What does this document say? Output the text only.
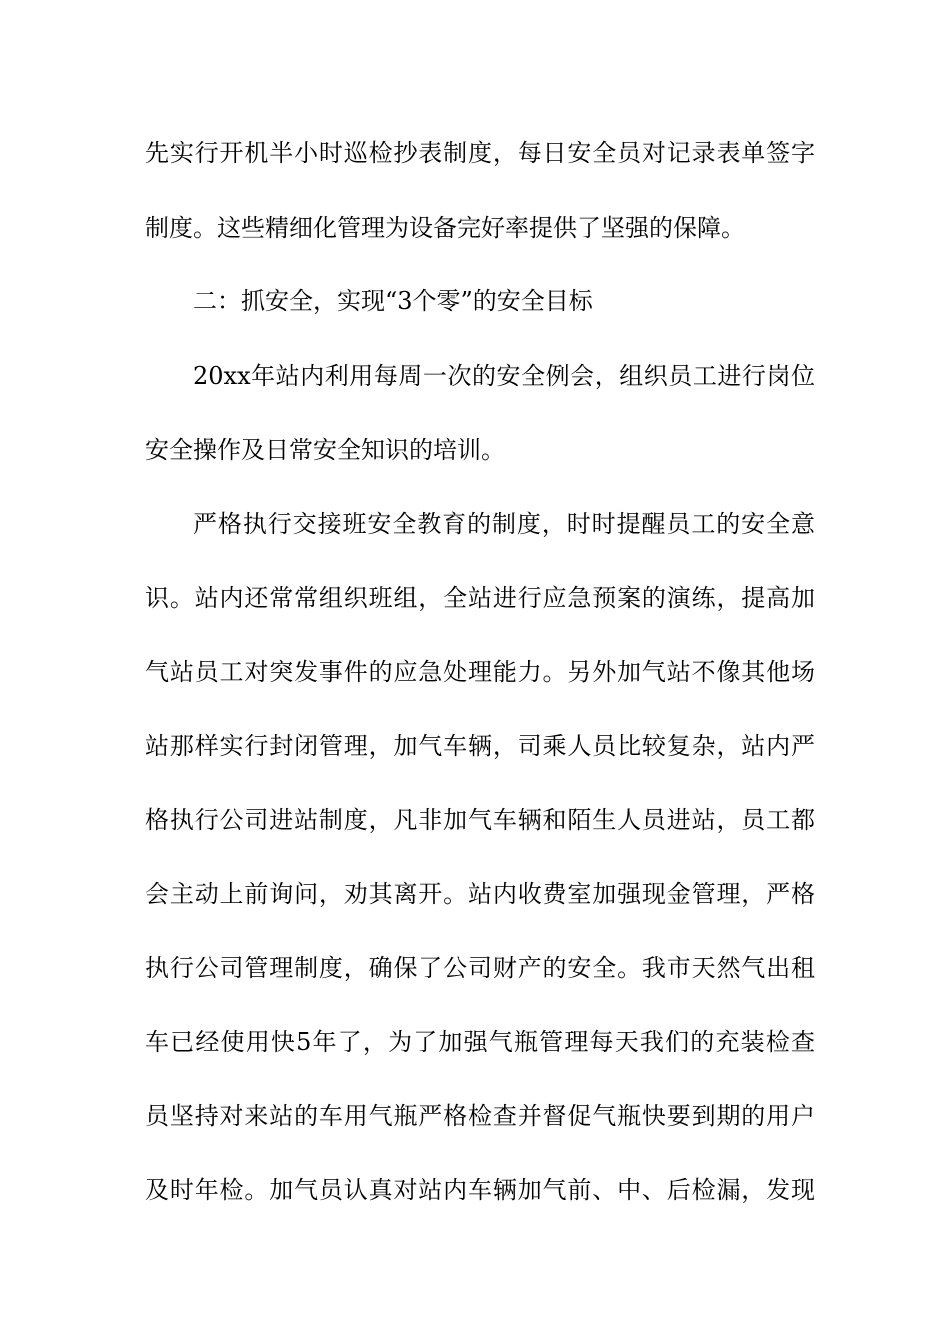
先实行开机半小时巡检抄表制度，每日安全员对记录表单签字
制度。这些精细化管理为设备完好率提供了坚强的保障。
二：抓安全，实现“3个零”的安全目标
20xx年站内利用每周一次的安全例会，组织员工进行岗位
安全操作及日常安全知识的培训。
严格执行交接班安全教育的制度，时时提醒员工的安全意
识。站内还常常组织班组，全站进行应急预案的演练，提高加
气站员工对突发事件的应急处理能力。另外加气站不像其他场
站那样实行封闭管理，加气车辆，司乘人员比较复杂，站内严
格执行公司进站制度，凡非加气车辆和陌生人员进站，员工都
会主动上前询问，劝其离开。站内收费室加强现金管理，严格
执行公司管理制度，确保了公司财产的安全。我市天然气出租
车已经使用快5年了，为了加强气瓶管理每天我们的充装检查
员坚持对来站的车用气瓶严格检查并督促气瓶快要到期的用户
及时年检。加气员认真对站内车辆加气前、中、后检漏，发现
